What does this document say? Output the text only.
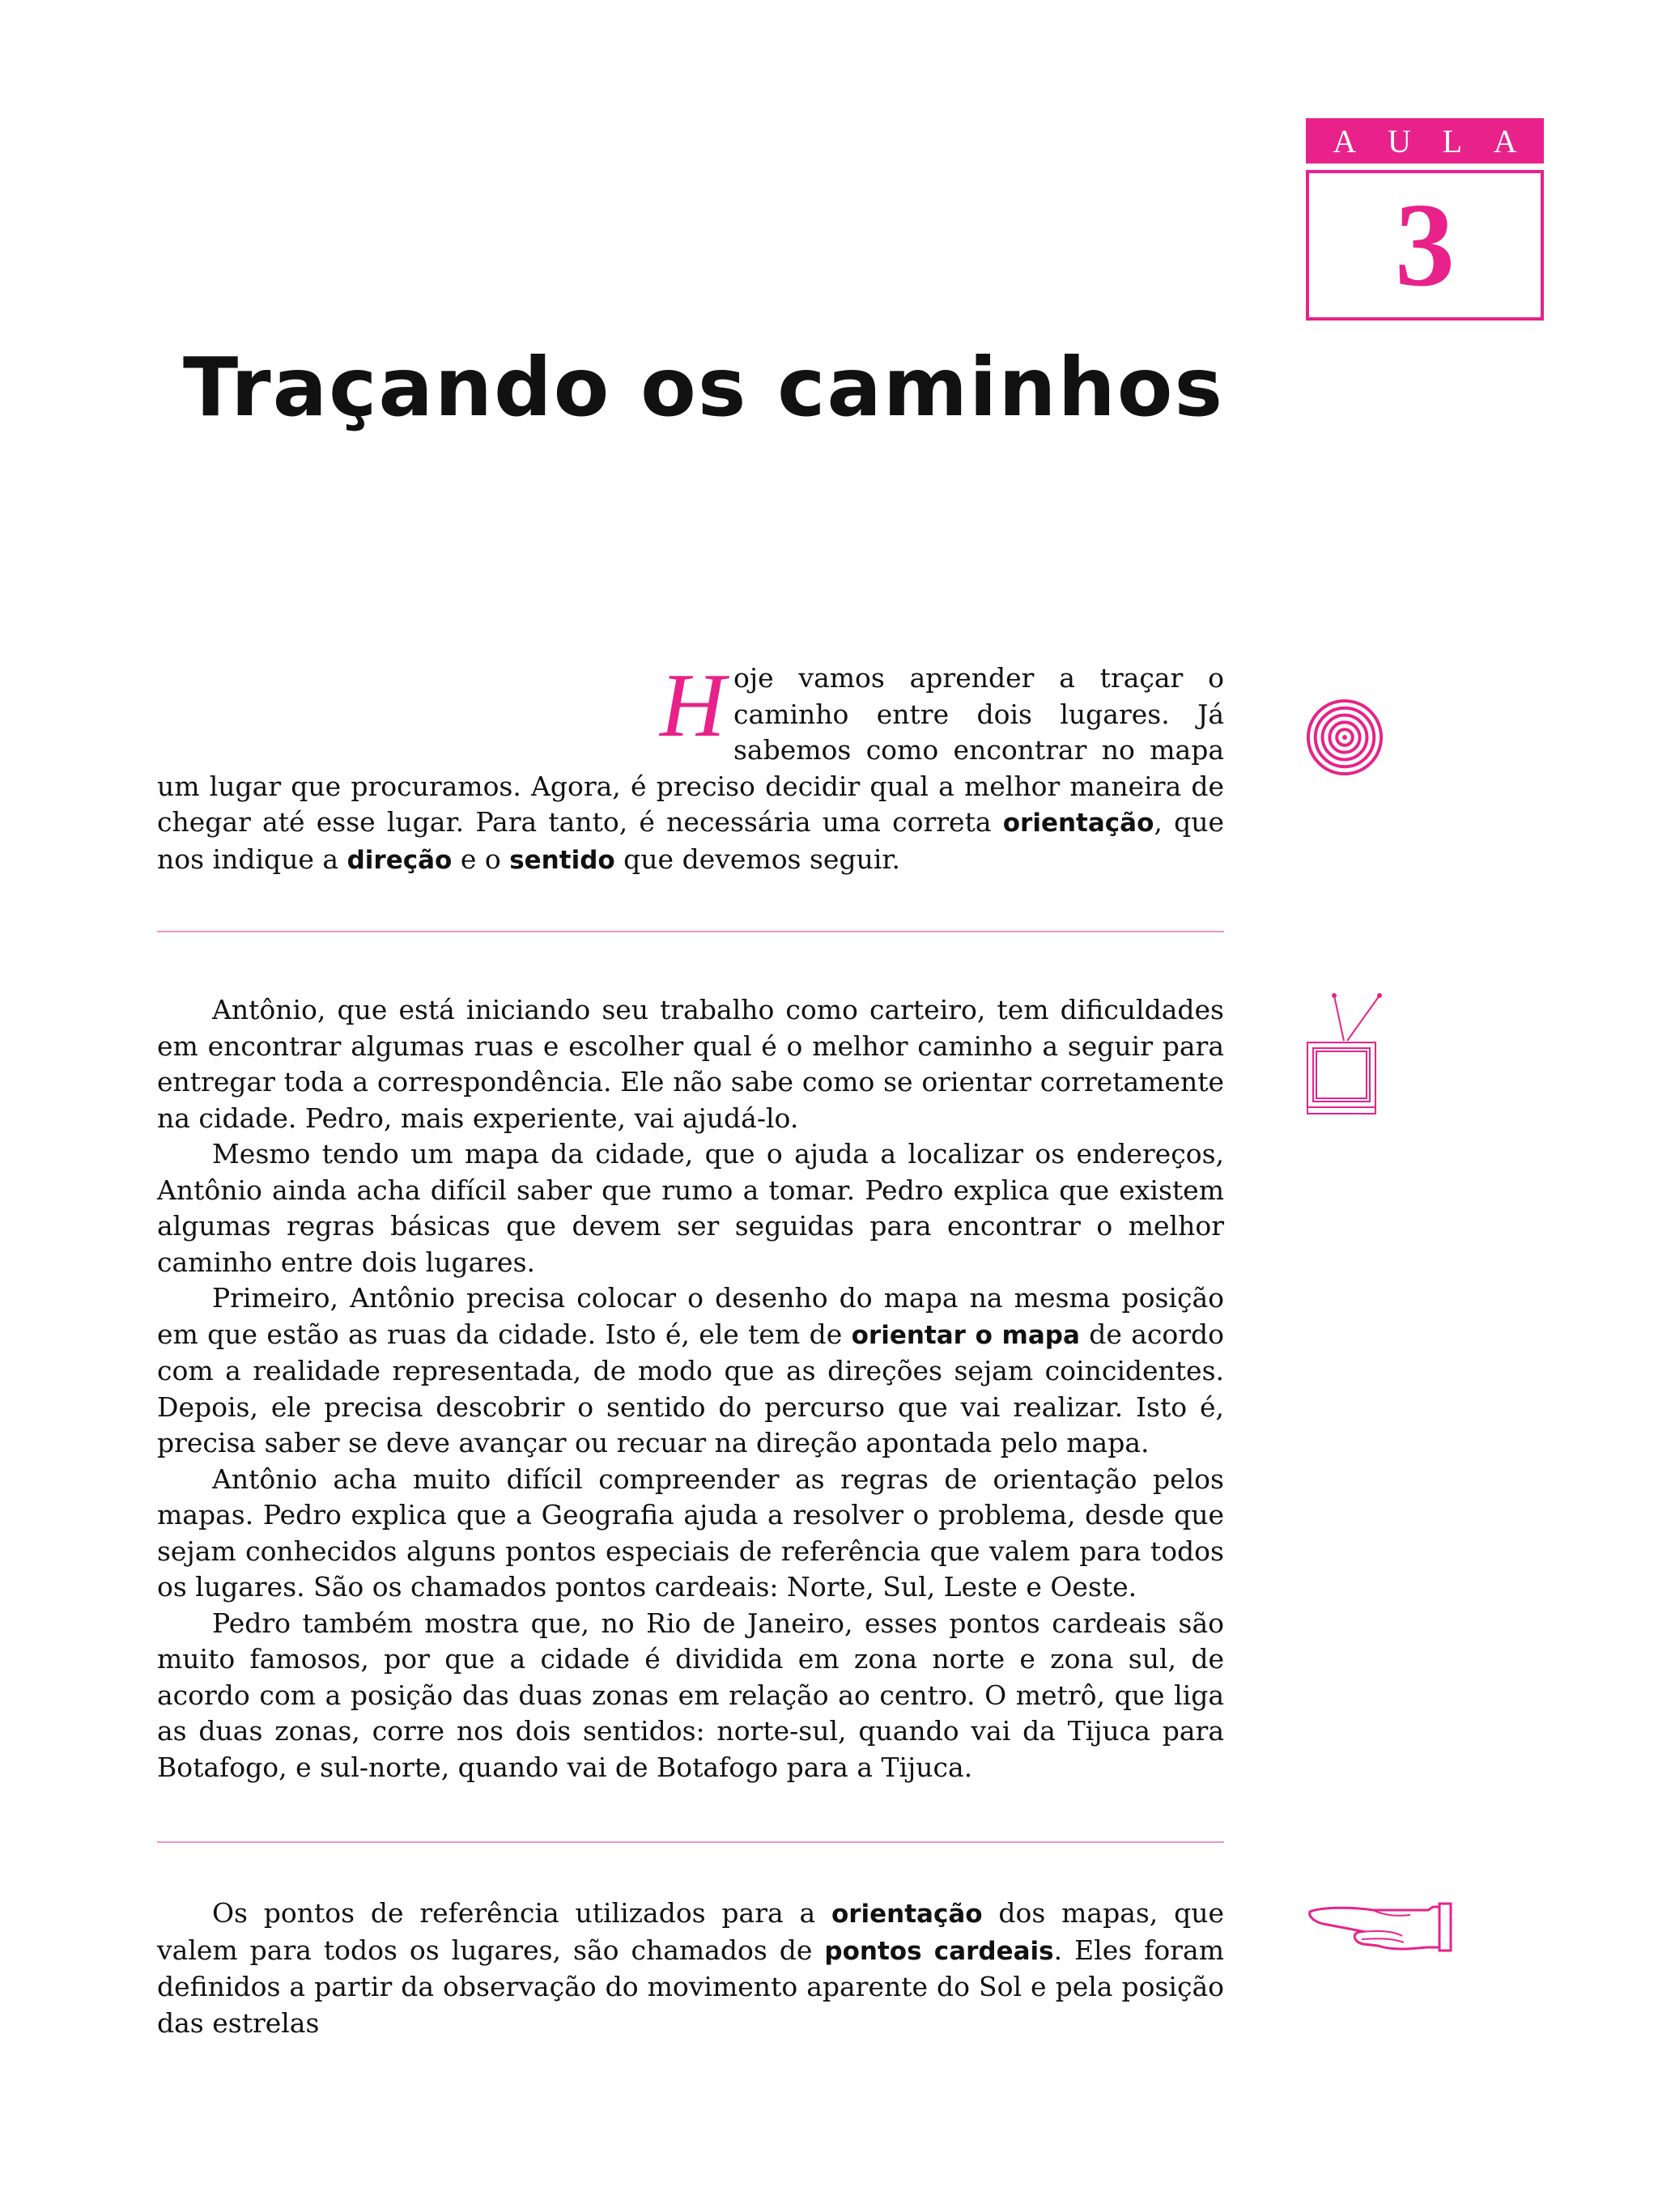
A U L A
3
Traçando os caminhos
Hoje vamos aprender a traçar o caminho entre dois lugares. Já sabemos como encontrar no mapa um lugar que procuramos. Agora, é preciso decidir qual a melhor maneira de chegar até esse lugar. Para tanto, é necessária uma correta orientação, que nos indique a direção e o sentido que devemos seguir.

Antônio, que está iniciando seu trabalho como carteiro, tem dificuldades em encontrar algumas ruas e escolher qual é o melhor caminho a seguir para entregar toda a correspondência. Ele não sabe como se orientar corretamente na cidade. Pedro, mais experiente, vai ajudá-lo.

Mesmo tendo um mapa da cidade, que o ajuda a localizar os endereços, Antônio ainda acha difícil saber que rumo a tomar. Pedro explica que existem algumas regras básicas que devem ser seguidas para encontrar o melhor caminho entre dois lugares.

Primeiro, Antônio precisa colocar o desenho do mapa na mesma posição em que estão as ruas da cidade. Isto é, ele tem de orientar o mapa de acordo com a realidade representada, de modo que as direções sejam coincidentes. Depois, ele precisa descobrir o sentido do percurso que vai realizar. Isto é, precisa saber se deve avançar ou recuar na direção apontada pelo mapa.

Antônio acha muito difícil compreender as regras de orientação pelos mapas. Pedro explica que a Geografia ajuda a resolver o problema, desde que sejam conhecidos alguns pontos especiais de referência que valem para todos os lugares. São os chamados pontos cardeais: Norte, Sul, Leste e Oeste.

Pedro também mostra que, no Rio de Janeiro, esses pontos cardeais são muito famosos, por que a cidade é dividida em zona norte e zona sul, de acordo com a posição das duas zonas em relação ao centro. O metrô, que liga as duas zonas, corre nos dois sentidos: norte-sul, quando vai da Tijuca para Botafogo, e sul-norte, quando vai de Botafogo para a Tijuca.

Os pontos de referência utilizados para a orientação dos mapas, que valem para todos os lugares, são chamados de pontos cardeais. Eles foram definidos a partir da observação do movimento aparente do Sol e pela posição das estrelas
